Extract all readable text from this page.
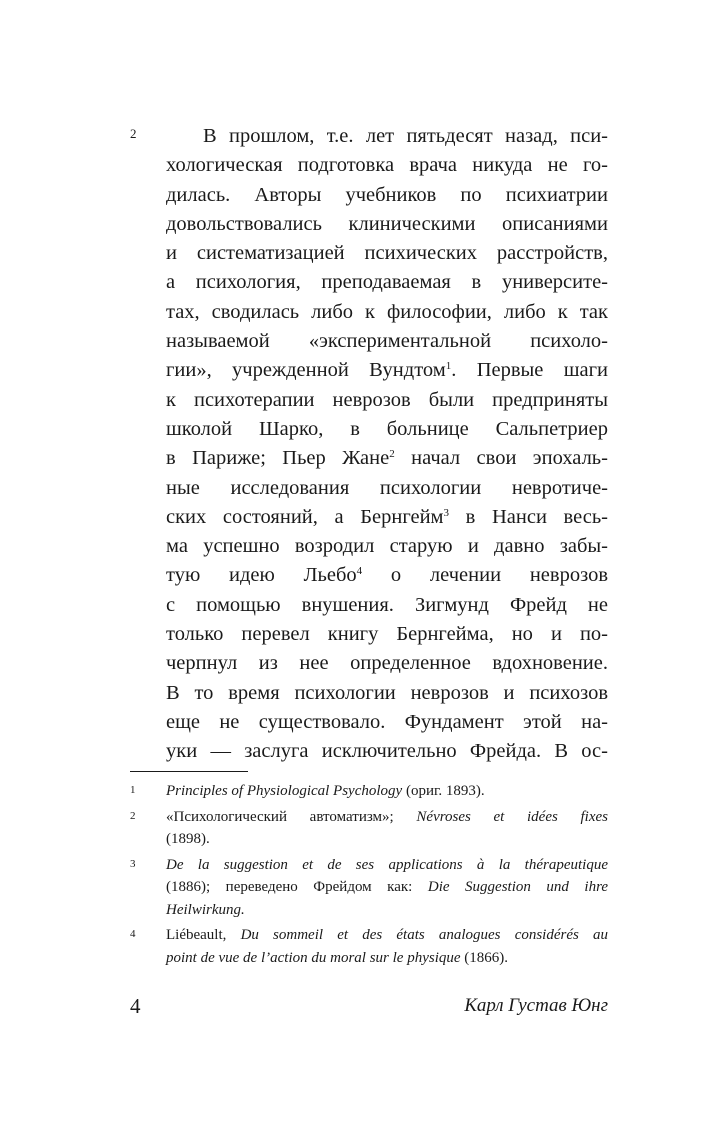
2	В прошлом, т.е. лет пятьдесят назад, пси-
хологическая подготовка врача никуда не го-
дилась. Авторы учебников по психиатрии
довольствовались клиническими описаниями
и систематизацией психических расстройств,
а психология, преподаваемая в университе-
тах, сводилась либо к философии, либо к так
называемой «экспериментальной психоло-
гии», учрежденной Вундтом$^1$. Первые шаги
к психотерапии неврозов были предприняты
школой Шарко, в больнице Сальпетриер
в Париже; Пьер Жане$^2$ начал свои эпохаль-
ные исследования психологии невротиче-
ских состояний, а Бернгейм$^3$ в Нанси весь-
ма успешно возродил старую и давно забы-
тую идею Льебо$^4$ о лечении неврозов
с помощью внушения. Зигмунд Фрейд не
только перевел книгу Бернгейма, но и по-
черпнул из нее определенное вдохновение.
В то время психологии неврозов и психозов
еще не существовало. Фундамент этой на-
уки — заслуга исключительно Фрейда. В ос-
1 Principles of Physiological Psychology (ориг. 1893).
2 «Психологический автоматизм»; Névroses et idées fixes
(1898).
3 De la suggestion et de ses applications à la thérapeutique
(1886); переведено Фрейдом как: Die Suggestion und ihre
Heilwirkung.
4 Liébeault, Du sommeil et des états analogues considérés au
point de vue de l’action du moral sur le physique (1866).
4	Карл Густав Юнг
